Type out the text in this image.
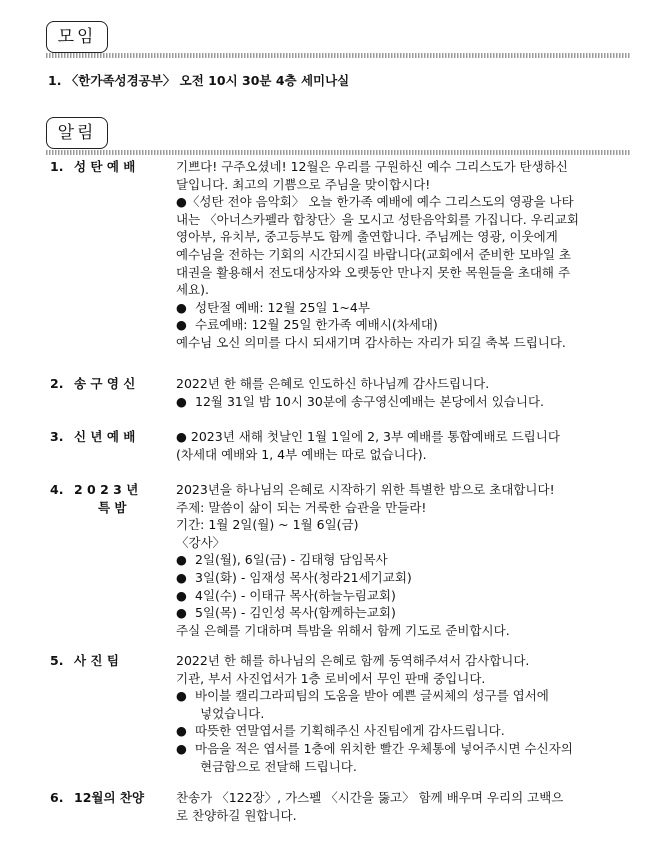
모임
1. 〈한가족성경공부〉 오전 10시 30분 4층 세미나실
알림
1. 성 탄 예 배	기쁘다! 구주오셨네! 12월은 우리를 구원하신 예수 그리스도가 탄생하신
달입니다. 최고의 기쁨으로 주님을 맞이합시다!
●〈성탄 전야 음악회〉 오늘 한가족 예배에 예수 그리스도의 영광을 나타
내는 〈아너스카펠라 합창단〉을 모시고 성탄음악회를 가집니다. 우리교회
영아부, 유치부, 중고등부도 함께 출연합니다. 주님께는 영광, 이웃에게
예수님을 전하는 기회의 시간되시길 바랍니다(교회에서 준비한 모바일 초
대권을 활용해서 전도대상자와 오랫동안 만나지 못한 목원들을 초대해 주
세요).
● 성탄절 예배: 12월 25일 1~4부
● 수료예배: 12월 25일 한가족 예배시(차세대)
예수님 오신 의미를 다시 되새기며 감사하는 자리가 되길 축복 드립니다.
2. 송 구 영 신	2022년 한 해를 은혜로 인도하신 하나님께 감사드립니다.
● 12월 31일 밤 10시 30분에 송구영신예배는 본당에서 있습니다.
3. 신 년 예 배	● 2023년 새해 첫날인 1월 1일에 2, 3부 예배를 통합예배로 드립니다
(차세대 예배와 1, 4부 예배는 따로 없습니다).
4. 2 0 2 3 년
특 밤
2023년을 하나님의 은혜로 시작하기 위한 특별한 밤으로 초대합니다!
주제: 말씀이 삶이 되는 거룩한 습관을 만들라!
기간: 1월 2일(월) ~ 1월 6일(금)
〈강사〉
● 2일(월), 6일(금) - 김태형 담임목사
● 3일(화) - 임재성 목사(청라21세기교회)
● 4일(수) - 이태규 목사(하늘누림교회)
● 5일(목) - 김인성 목사(함께하는교회)
주실 은혜를 기대하며 특밤을 위해서 함께 기도로 준비합시다.
5. 사 진 팀	2022년 한 해를 하나님의 은혜로 함께 동역해주셔서 감사합니다.
기관, 부서 사진업서가 1층 로비에서 무인 판매 중입니다.
● 바이블 캘리그라피팀의 도움을 받아 예쁜 글씨체의 성구를 엽서에
넣었습니다.
● 따뜻한 연말엽서를 기획해주신 사진팀에게 감사드립니다.
● 마음을 적은 엽서를 1층에 위치한 빨간 우체통에 넣어주시면 수신자의
현금함으로 전달해 드립니다.
6. 12월의 찬양	찬송가 〈122장〉, 가스펠 〈시간을 뚫고〉 함께 배우며 우리의 고백으
로 찬양하길 원합니다.
